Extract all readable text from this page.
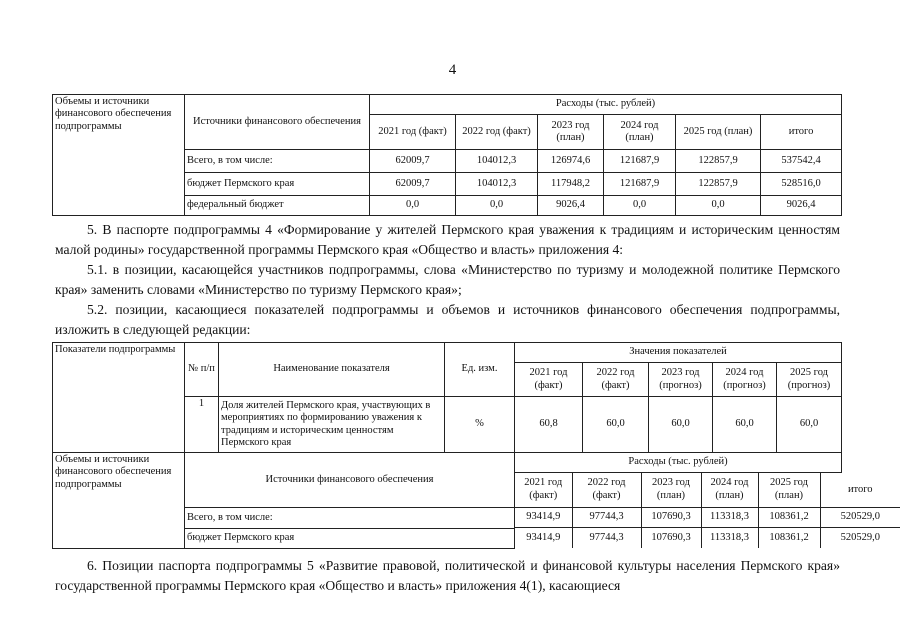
4
Объемы и источники финансового обеспечения подпрограммы	Источники финансового обеспечения	Расходы (тыс. рублей)					
		2021 год (факт)	2022 год (факт)	2023 год (план)	2024 год (план)	2025 год (план)	итого
	Всего, в том числе:	62009,7	104012,3	126974,6	121687,9	122857,9	537542,4
	бюджет Пермского края	62009,7	104012,3	117948,2	121687,9	122857,9	528516,0
	федеральный бюджет	0,0	0,0	9026,4	0,0	0,0	9026,4
5. В паспорте подпрограммы 4 «Формирование у жителей Пермского края уважения к традициям и историческим ценностям малой родины» государственной программы Пермского края «Общество и власть» приложения 4:
5.1. в позиции, касающейся участников подпрограммы, слова «Министерство по туризму и молодежной политике Пермского края» заменить словами «Министерство по туризму Пермского края»;
5.2. позиции, касающиеся показателей подпрограммы и объемов и источников финансового обеспечения подпрограммы, изложить в следующей редакции:
Показатели подпрограммы	№ п/п	Наименование показателя	Ед. изм.	Значения показателей
2021 год (факт)	2022 год (факт)	2023 год (прогноз)	2024 год (прогноз)	2025 год (прогноз)
1	Доля жителей Пермского края, участвующих в мероприятиях по формированию уважения к традициям и историческим ценностям Пермского края	%	60,8	60,0	60,0	60,0	60,0
Объемы и источники финансового обеспечения подпрограммы	Источники финансового обеспечения	Расходы (тыс. рублей)

2021 год (факт)	2022 год (факт)	2023 год (план)	2024 год (план)	2025 год (план)	итого

Всего, в том числе:		93414,9	97744,3	107690,3	113318,3	108361,2	520529,0

бюджет Пермского края		93414,9	97744,3	107690,3	113318,3	108361,2	520529,0
6. Позиции паспорта подпрограммы 5 «Развитие правовой, политической и финансовой культуры населения Пермского края» государственной программы Пермского края «Общество и власть» приложения 4(1), касающиеся
